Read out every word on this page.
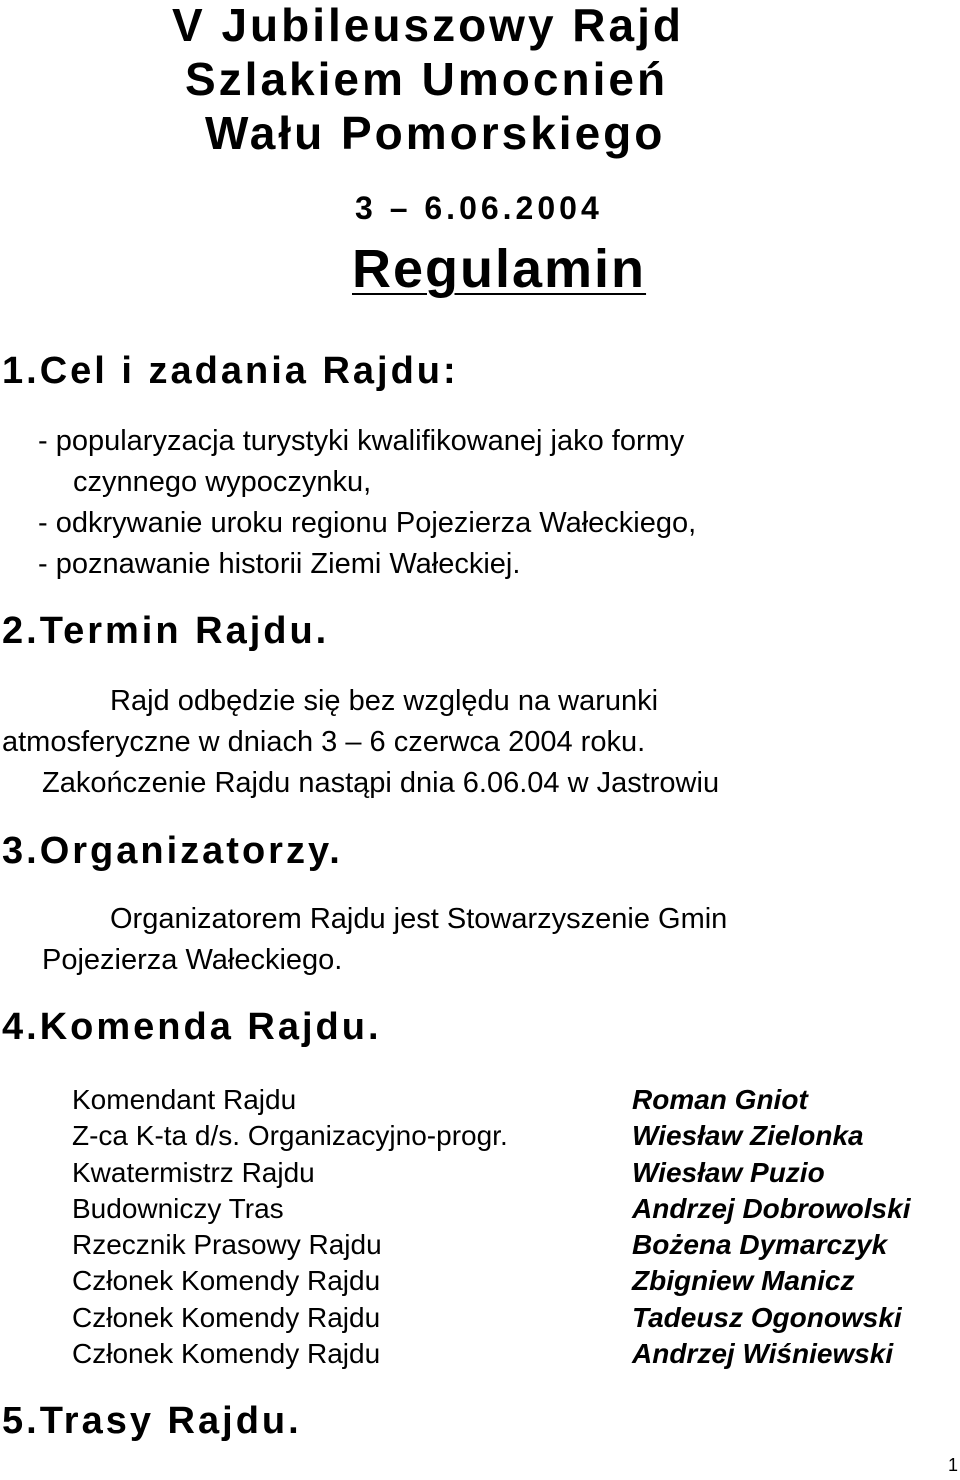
V Jubileuszowy Rajd
Szlakiem Umocnień
Wału Pomorskiego
3 – 6.06.2004
Regulamin
1.Cel i zadania Rajdu:
- popularyzacja turystyki kwalifikowanej jako formy
czynnego wypoczynku,
- odkrywanie uroku regionu Pojezierza Wałeckiego,
- poznawanie historii Ziemi Wałeckiej.
2.Termin Rajdu.
Rajd odbędzie się bez względu na warunki
atmosferyczne w dniach 3 – 6 czerwca 2004 roku.
Zakończenie Rajdu nastąpi dnia 6.06.04 w Jastrowiu
3.Organizatorzy.
Organizatorem Rajdu jest Stowarzyszenie Gmin
Pojezierza Wałeckiego.
4.Komenda Rajdu.
Komendant Rajdu
Z-ca K-ta d/s. Organizacyjno-progr.
Kwatermistrz Rajdu
Budowniczy Tras
Rzecznik Prasowy Rajdu
Członek Komendy Rajdu
Członek Komendy Rajdu
Członek Komendy Rajdu
Roman Gniot
Wiesław Zielonka
Wiesław Puzio
Andrzej Dobrowolski
Bożena Dymarczyk
Zbigniew Manicz
Tadeusz Ogonowski
Andrzej Wiśniewski
5.Trasy Rajdu.
1
